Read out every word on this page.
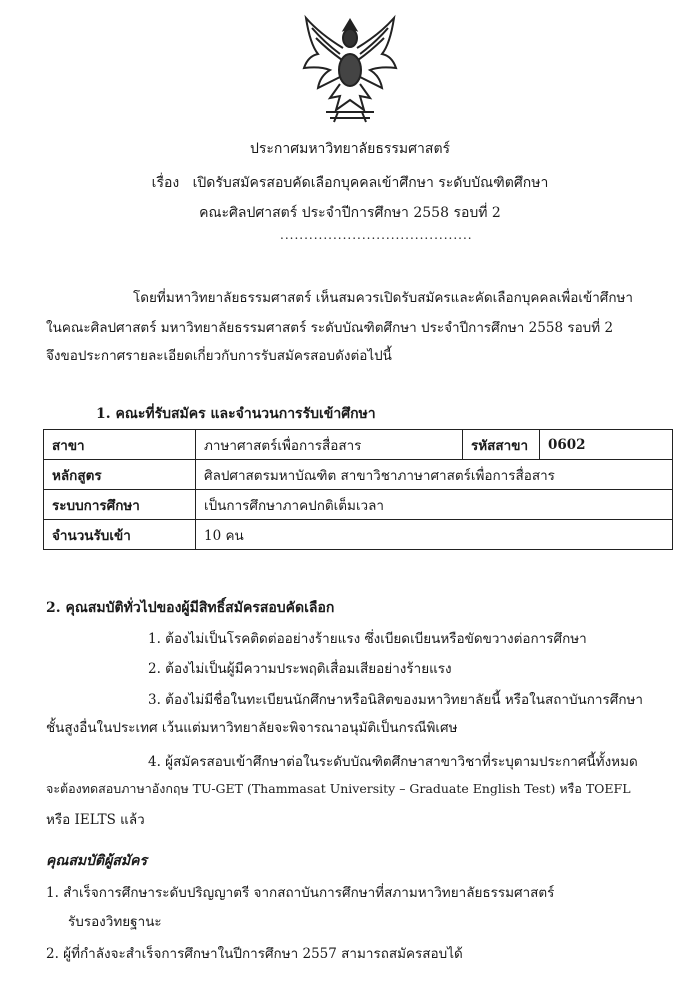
ประกาศมหาวิทยาลัยธรรมศาสตร์
เรื่อง เปิดรับสมัครสอบคัดเลือกบุคคลเข้าศึกษา ระดับบัณฑิตศึกษา
คณะศิลปศาสตร์ ประจำปีการศึกษา 2558 รอบที่ 2
........................................
โดยที่มหาวิทยาลัยธรรมศาสตร์ เห็นสมควรเปิดรับสมัครและคัดเลือกบุคคลเพื่อเข้าศึกษา
ในคณะศิลปศาสตร์ มหาวิทยาลัยธรรมศาสตร์ ระดับบัณฑิตศึกษา ประจำปีการศึกษา 2558 รอบที่ 2
จึงขอประกาศรายละเอียดเกี่ยวกับการรับสมัครสอบดังต่อไปนี้
1. คณะที่รับสมัคร และจำนวนการรับเข้าศึกษา
สาขา	ภาษาศาสตร์เพื่อการสื่อสาร	รหัสสาขา	0602
หลักสูตร	ศิลปศาสตรมหาบัณฑิต สาขาวิชาภาษาศาสตร์เพื่อการสื่อสาร		
ระบบการศึกษา	เป็นการศึกษาภาคปกติเต็มเวลา		
จำนวนรับเข้า	10 คน		
2. คุณสมบัติทั่วไปของผู้มีสิทธิ์สมัครสอบคัดเลือก
1. ต้องไม่เป็นโรคติดต่ออย่างร้ายแรง ซึ่งเบียดเบียนหรือขัดขวางต่อการศึกษา
2. ต้องไม่เป็นผู้มีความประพฤติเสื่อมเสียอย่างร้ายแรง
3. ต้องไม่มีชื่อในทะเบียนนักศึกษาหรือนิสิตของมหาวิทยาลัยนี้ หรือในสถาบันการศึกษา
ชั้นสูงอื่นในประเทศ เว้นแต่มหาวิทยาลัยจะพิจารณาอนุมัติเป็นกรณีพิเศษ
4. ผู้สมัครสอบเข้าศึกษาต่อในระดับบัณฑิตศึกษาสาขาวิชาที่ระบุตามประกาศนี้ทั้งหมด
จะต้องทดสอบภาษาอังกฤษ TU-GET (Thammasat University – Graduate English Test) หรือ TOEFL
หรือ IELTS แล้ว
คุณสมบัติผู้สมัคร
1. สำเร็จการศึกษาระดับปริญญาตรี จากสถาบันการศึกษาที่สภามหาวิทยาลัยธรรมศาสตร์
รับรองวิทยฐานะ
2. ผู้ที่กำลังจะสำเร็จการศึกษาในปีการศึกษา 2557 สามารถสมัครสอบได้
